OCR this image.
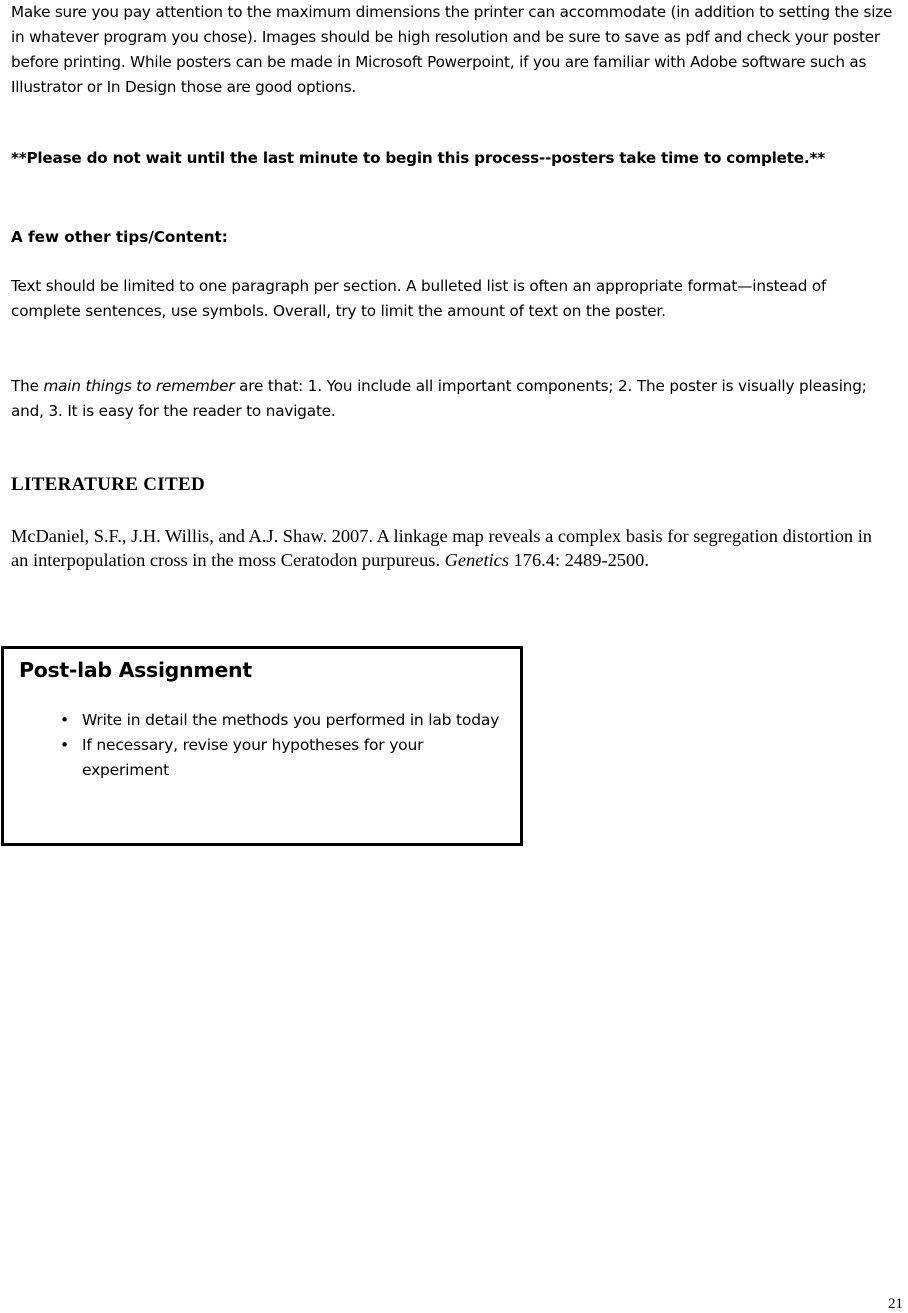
Make sure you pay attention to the maximum dimensions the printer can accommodate (in addition to setting the size in whatever program you chose). Images should be high resolution and be sure to save as pdf and check your poster before printing. While posters can be made in Microsoft Powerpoint, if you are familiar with Adobe software such as Illustrator or In Design those are good options.

**Please do not wait until the last minute to begin this process--posters take time to complete.**

A few other tips/Content:

Text should be limited to one paragraph per section. A bulleted list is often an appropriate format—instead of complete sentences, use symbols. Overall, try to limit the amount of text on the poster.

The main things to remember are that: 1. You include all important components; 2. The poster is visually pleasing; and, 3. It is easy for the reader to navigate.

LITERATURE CITED

McDaniel, S.F., J.H. Willis, and A.J. Shaw. 2007. A linkage map reveals a complex basis for segregation distortion in an interpopulation cross in the moss Ceratodon purpureus. Genetics 176.4: 2489-2500.

Post-lab Assignment
• Write in detail the methods you performed in lab today
• If necessary, revise your hypotheses for your experiment

21
